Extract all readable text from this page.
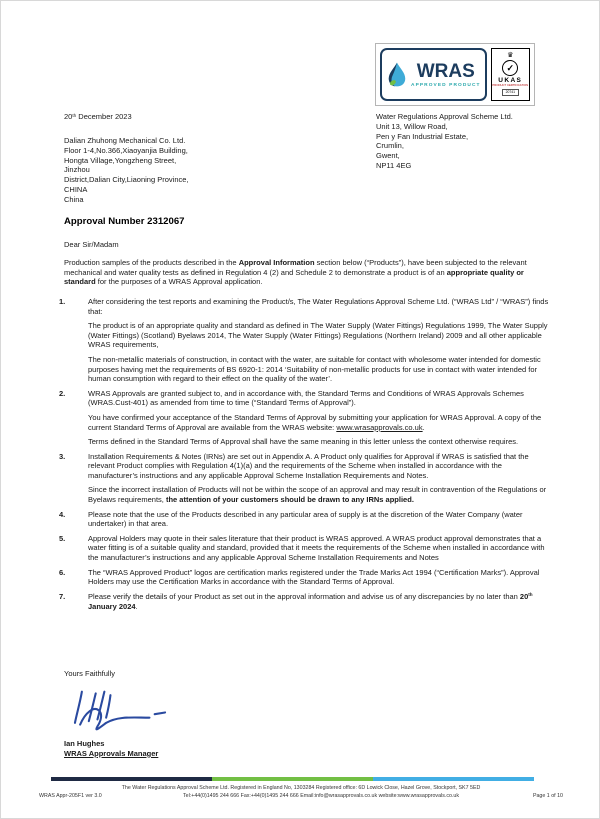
WRAS
APPROVED PRODUCT
♛
✓
UKAS
PRODUCT CERTIFICATION
20741
20th December 2023
Dalian Zhuhong Mechanical Co. Ltd.
Floor 1-4,No.366,Xiaoyanjia Building,
Hongta Village,Yongzheng Street,
Jinzhou
District,Dalian City,Liaoning Province,
CHINA
China
Water Regulations Approval Scheme Ltd.
Unit 13, Willow Road,
Pen y Fan Industrial Estate,
Crumlin,
Gwent,
NP11 4EG
Approval Number 2312067
Dear Sir/Madam

Production samples of the products described in the Approval Information section below (“Products”), have been subjected to the relevant mechanical and water quality tests as defined in Regulation 4 (2) and Schedule 2 to demonstrate a product is of an appropriate quality or standard for the purposes of a WRAS Approval application.

1.	After considering the test reports and examining the Product/s, The Water Regulations Approval Scheme Ltd. (“WRAS Ltd” / “WRAS”) finds that:

The product is of an appropriate quality and standard as defined in The Water Supply (Water Fittings) Regulations 1999, The Water Supply (Water Fittings) (Scotland) Byelaws 2014, The Water Supply (Water Fittings) Regulations (Northern Ireland) 2009 and all other applicable WRAS requirements,

The non-metallic materials of construction, in contact with the water, are suitable for contact with wholesome water intended for domestic purposes having met the requirements of BS 6920-1: 2014 ‘Suitability of non-metallic products for use in contact with water intended for human consumption with regard to their effect on the quality of the water’.

2.	WRAS Approvals are granted subject to, and in accordance with, the Standard Terms and Conditions of WRAS Approvals Schemes (WRAS.Cust-401) as amended from time to time (“Standard Terms of Approval”).

You have confirmed your acceptance of the Standard Terms of Approval by submitting your application for WRAS Approval. A copy of the current Standard Terms of Approval are available from the WRAS website: www.wrasapprovals.co.uk.

Terms defined in the Standard Terms of Approval shall have the same meaning in this letter unless the context otherwise requires.

3.	Installation Requirements & Notes (IRNs) are set out in Appendix A. A Product only qualifies for Approval if WRAS is satisfied that the relevant Product complies with Regulation 4(1)(a) and the requirements of the Scheme when installed in accordance with the manufacturer’s instructions and any applicable Approval Scheme Installation Requirements and Notes.

Since the incorrect installation of Products will not be within the scope of an approval and may result in contravention of the Regulations or Byelaws requirements, the attention of your customers should be drawn to any IRNs applied.

4.	Please note that the use of the Products described in any particular area of supply is at the discretion of the Water Company (water undertaker) in that area.

5.	Approval Holders may quote in their sales literature that their product is WRAS approved. A WRAS product approval demonstrates that a water fitting is of a suitable quality and standard, provided that it meets the requirements of the Scheme when installed in accordance with the manufacturer’s instructions and any applicable Approval Scheme Installation Requirements and Notes

6.	The “WRAS Approved Product” logos are certification marks registered under the Trade Marks Act 1994 (“Certification Marks”). Approval Holders may use the Certification Marks in accordance with the Standard Terms of Approval.

7.	Please verify the details of your Product as set out in the approval information and advise us of any discrepancies by no later than 20th January 2024.

Yours Faithfully
Ian Hughes
WRAS Approvals Manager
The Water Regulations Approval Scheme Ltd. Registered in England No, 1303284 Registered office: 6D Lowick Close, Hazel Grove, Stockport, SK7 5ED
WRAS Appr-205F1 ver 3.0	Tel:+44(0)1495 244 666 Fax:+44(0)1495 244 666 Email:info@wrasapprovals.co.uk website:www.wrasapprovals.co.uk	Page 1 of 10
